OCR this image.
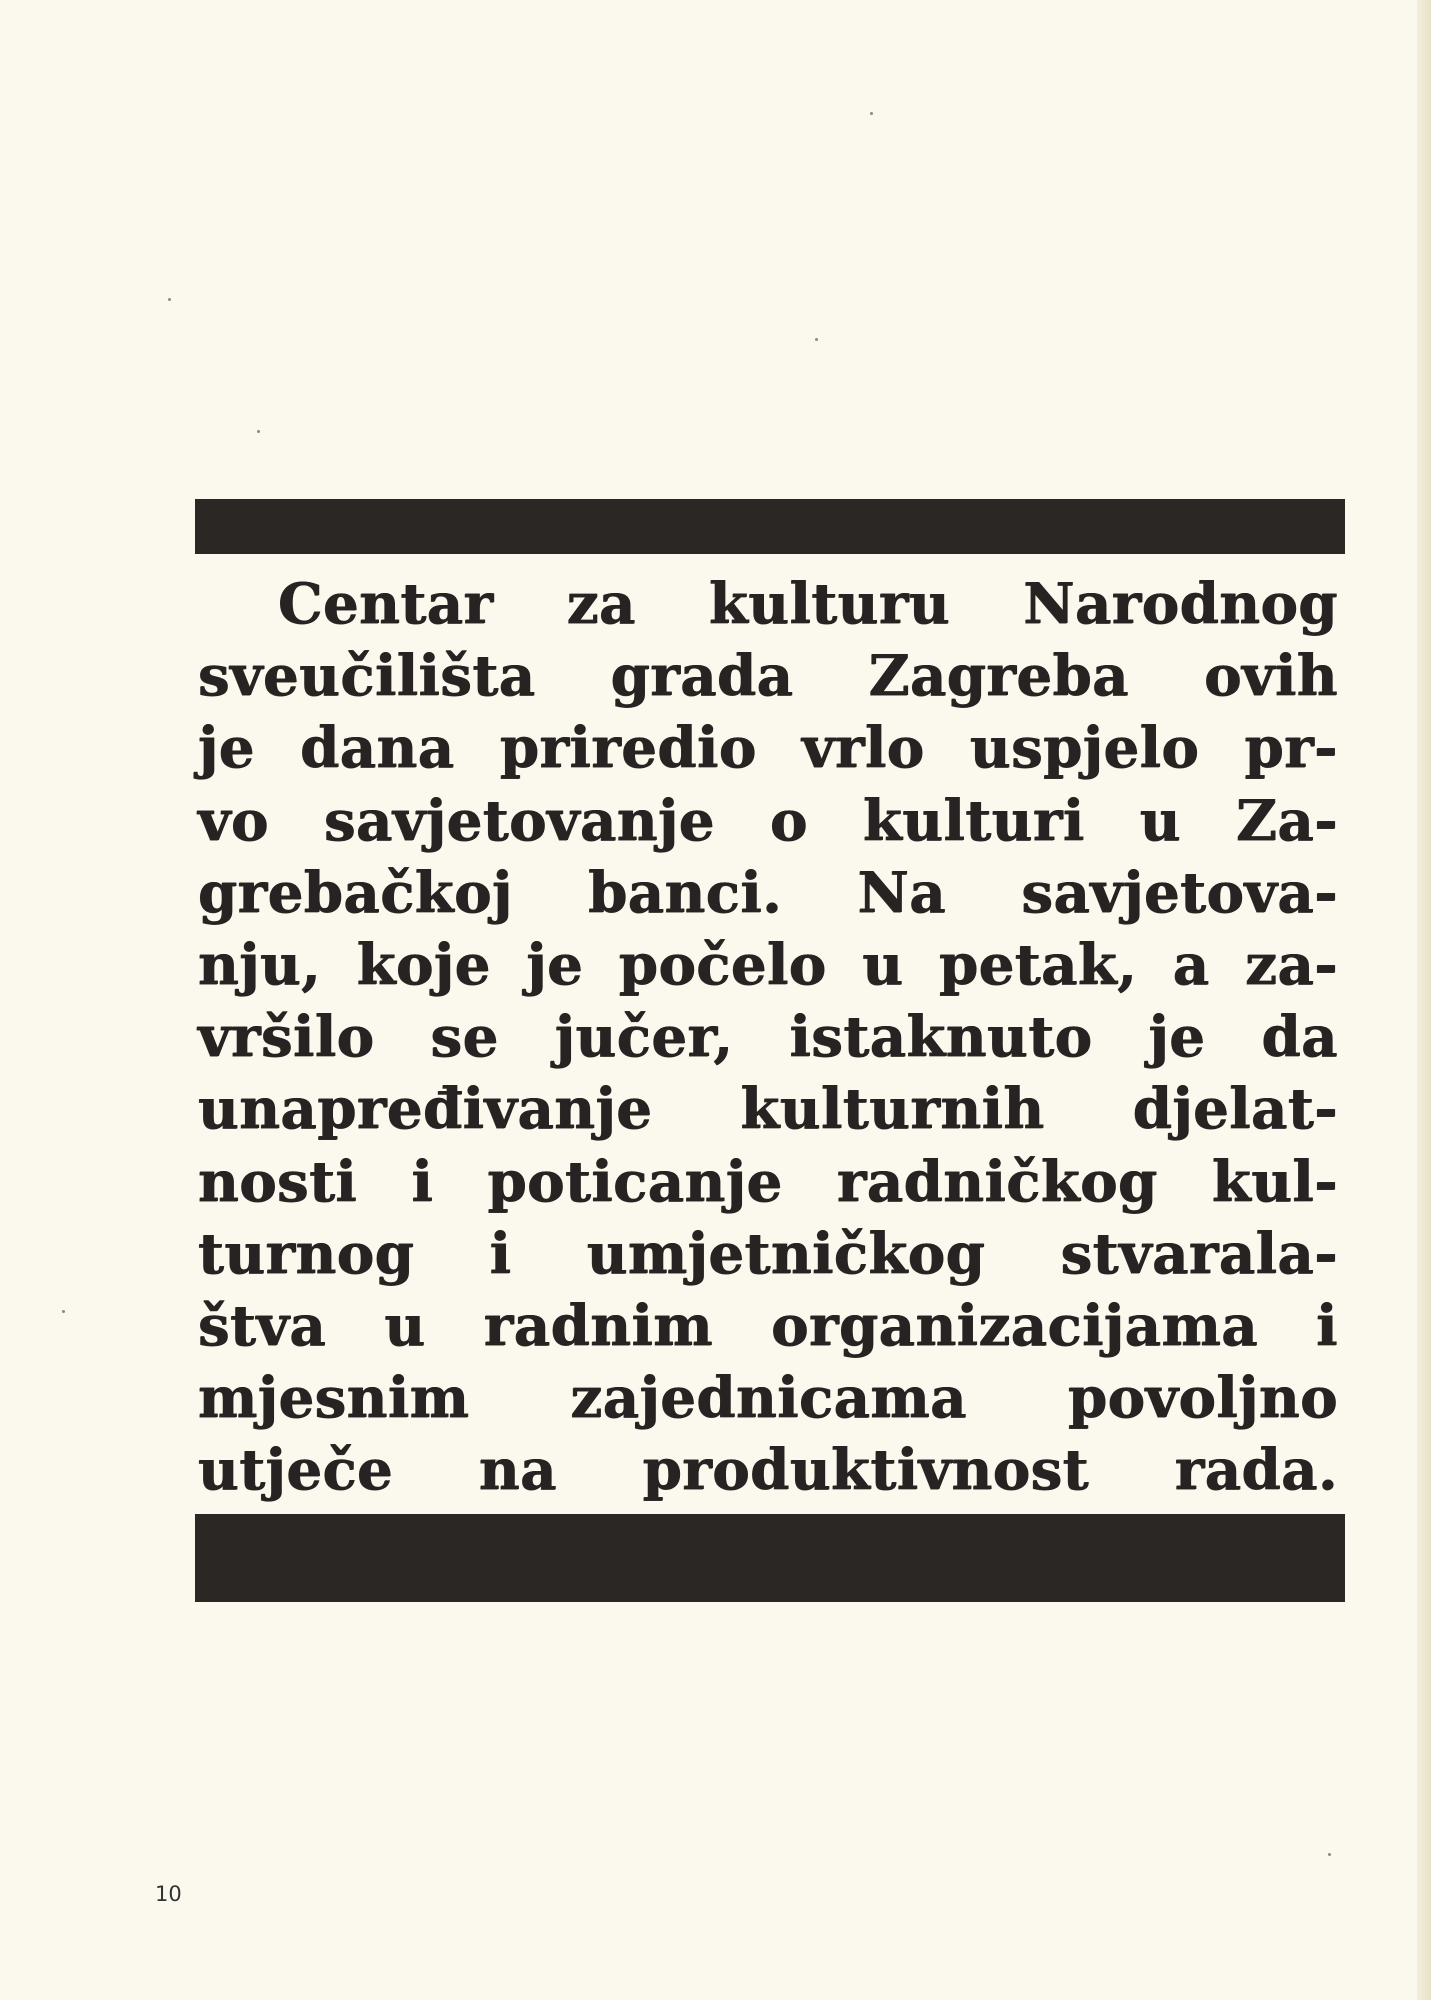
Centar za kulturu Narodnog
sveučilišta grada Zagreba ovih
je dana priredio vrlo uspjelo pr-
vo savjetovanje o kulturi u Za-
grebačkoj banci. Na savjetova-
nju, koje je počelo u petak, a za-
vršilo se jučer, istaknuto je da
unapređivanje kulturnih djelat-
nosti i poticanje radničkog kul-
turnog i umjetničkog stvarala-
štva u radnim organizacijama i
mjesnim zajednicama povoljno
utječe na produktivnost rada.
10
